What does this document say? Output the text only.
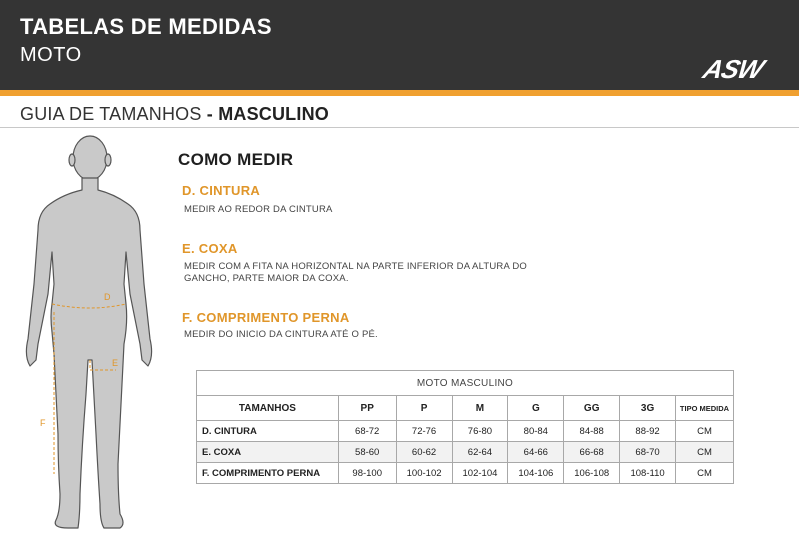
TABELAS DE MEDIDAS
MOTO	ASW
GUIA DE TAMANHOS - MASCULINO
D
E
F
COMO MEDIR
D. CINTURA
MEDIR AO REDOR DA CINTURA
E. COXA
MEDIR COM A FITA NA HORIZONTAL NA PARTE INFERIOR DA ALTURA DO GANCHO, PARTE MAIOR DA COXA.
F. COMPRIMENTO PERNA
MEDIR DO INICIO DA CINTURA ATÉ O PÉ.
MOTO MASCULINO							
TAMANHOS	PP	P	M	G	GG	3G	TIPO MEDIDA
D. CINTURA	68-72	72-76	76-80	80-84	84-88	88-92	CM
E. COXA	58-60	60-62	62-64	64-66	66-68	68-70	CM
F. COMPRIMENTO PERNA	98-100	100-102	102-104	104-106	106-108	108-110	CM
